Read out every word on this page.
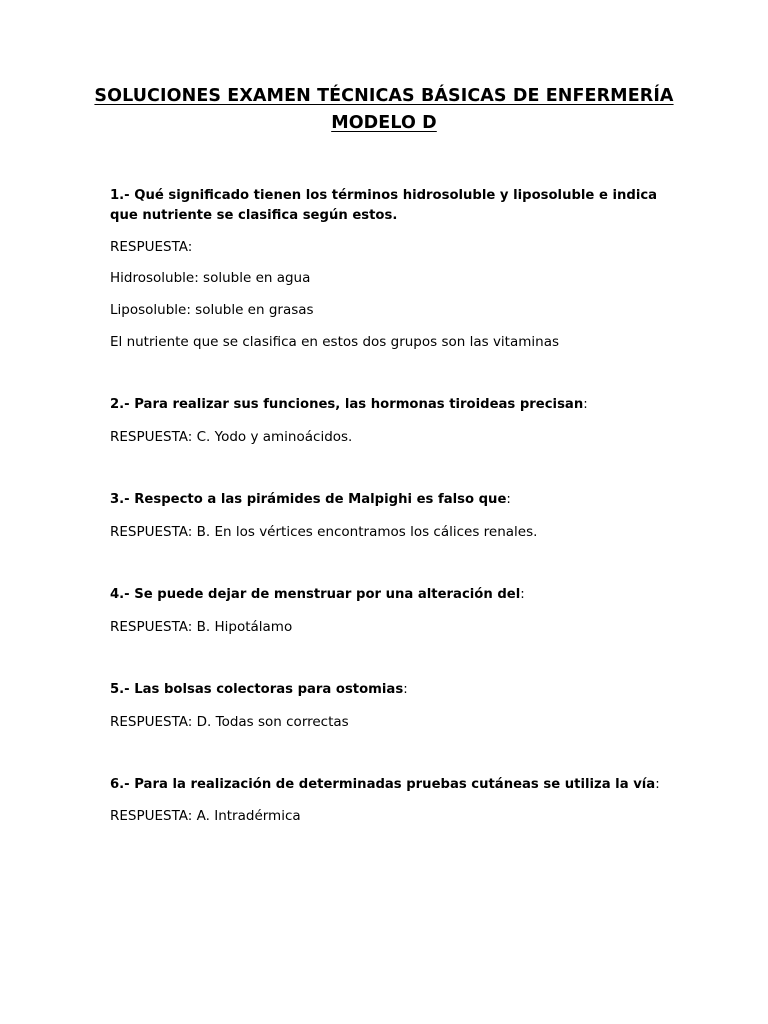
SOLUCIONES EXAMEN TÉCNICAS BÁSICAS DE ENFERMERÍA
MODELO D

1.- Qué significado tienen los términos hidrosoluble y liposoluble e indica que nutriente se clasifica según estos.

RESPUESTA:

Hidrosoluble: soluble en agua

Liposoluble: soluble en grasas

El nutriente que se clasifica en estos dos grupos son las vitaminas

2.- Para realizar sus funciones, las hormonas tiroideas precisan:

RESPUESTA: C. Yodo y aminoácidos.

3.- Respecto a las pirámides de Malpighi es falso que:

RESPUESTA: B. En los vértices encontramos los cálices renales.

4.- Se puede dejar de menstruar por una alteración del:

RESPUESTA: B. Hipotálamo

5.- Las bolsas colectoras para ostomias:

RESPUESTA: D. Todas son correctas

6.- Para la realización de determinadas pruebas cutáneas se utiliza la vía:

RESPUESTA: A. Intradérmica
